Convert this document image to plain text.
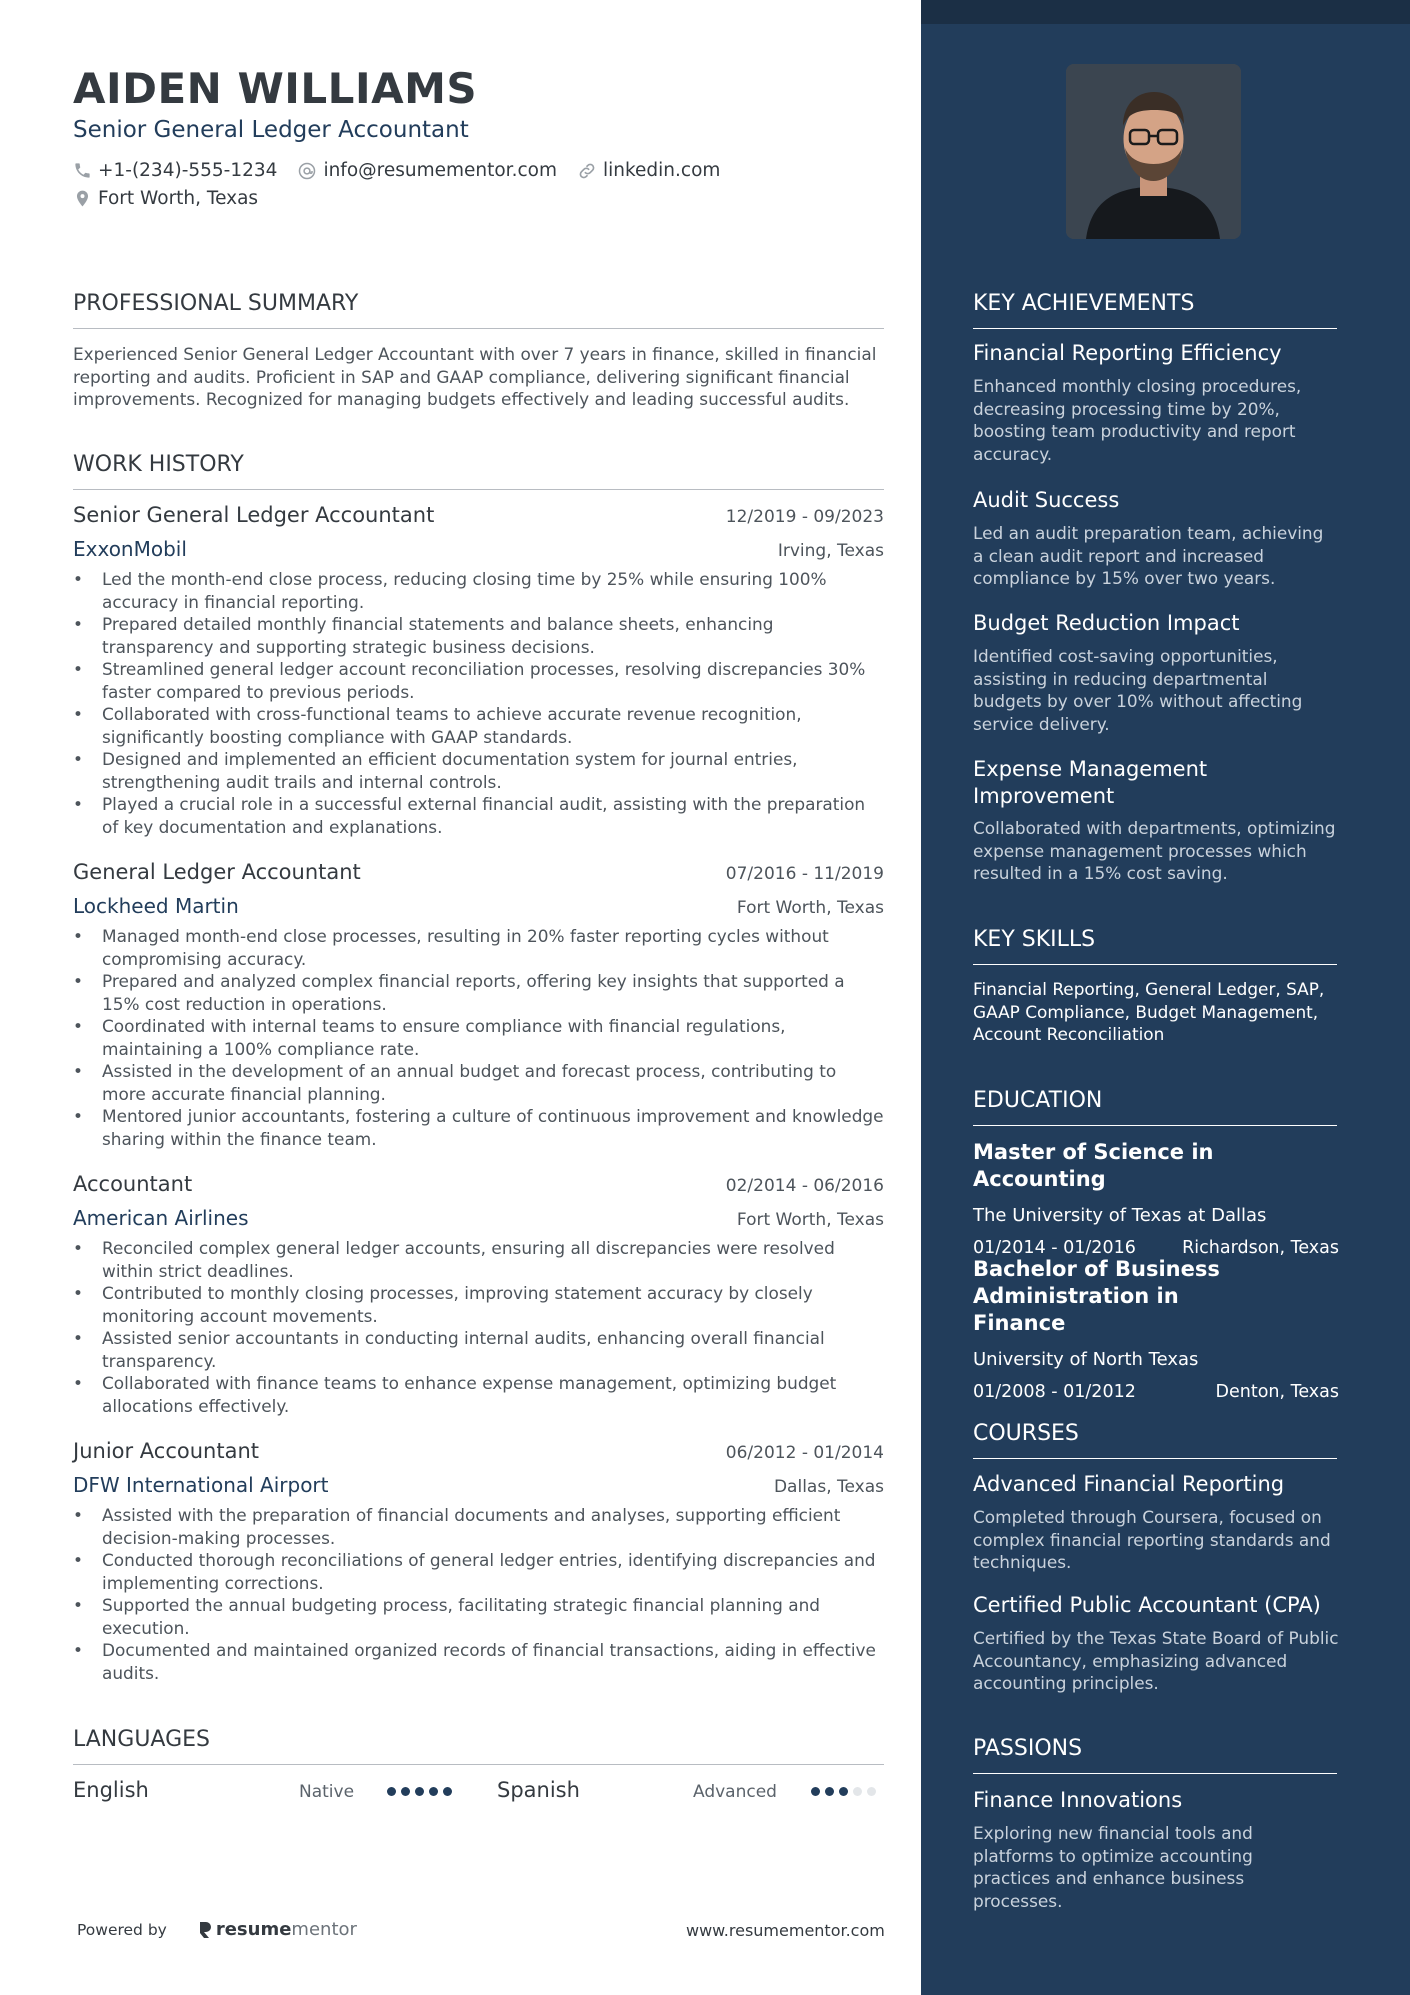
AIDEN WILLIAMS
Senior General Ledger Accountant
+1-(234)-555-1234 info@resumementor.com linkedin.com
Fort Worth, Texas
PROFESSIONAL SUMMARY
Experienced Senior General Ledger Accountant with over 7 years in finance, skilled in financial reporting and audits. Proficient in SAP and GAAP compliance, delivering significant financial improvements. Recognized for managing budgets effectively and leading successful audits.
WORK HISTORY
Senior General Ledger Accountant	12/2019 - 09/2023
ExxonMobil	Irving, Texas
• Led the month-end close process, reducing closing time by 25% while ensuring 100% accuracy in financial reporting.
• Prepared detailed monthly financial statements and balance sheets, enhancing transparency and supporting strategic business decisions.
• Streamlined general ledger account reconciliation processes, resolving discrepancies 30% faster compared to previous periods.
• Collaborated with cross-functional teams to achieve accurate revenue recognition, significantly boosting compliance with GAAP standards.
• Designed and implemented an efficient documentation system for journal entries, strengthening audit trails and internal controls.
• Played a crucial role in a successful external financial audit, assisting with the preparation of key documentation and explanations.
General Ledger Accountant	07/2016 - 11/2019
Lockheed Martin	Fort Worth, Texas
• Managed month-end close processes, resulting in 20% faster reporting cycles without compromising accuracy.
• Prepared and analyzed complex financial reports, offering key insights that supported a 15% cost reduction in operations.
• Coordinated with internal teams to ensure compliance with financial regulations, maintaining a 100% compliance rate.
• Assisted in the development of an annual budget and forecast process, contributing to more accurate financial planning.
• Mentored junior accountants, fostering a culture of continuous improvement and knowledge sharing within the finance team.
Accountant	02/2014 - 06/2016
American Airlines	Fort Worth, Texas
• Reconciled complex general ledger accounts, ensuring all discrepancies were resolved within strict deadlines.
• Contributed to monthly closing processes, improving statement accuracy by closely monitoring account movements.
• Assisted senior accountants in conducting internal audits, enhancing overall financial transparency.
• Collaborated with finance teams to enhance expense management, optimizing budget allocations effectively.
Junior Accountant	06/2012 - 01/2014
DFW International Airport	Dallas, Texas
• Assisted with the preparation of financial documents and analyses, supporting efficient decision-making processes.
• Conducted thorough reconciliations of general ledger entries, identifying discrepancies and implementing corrections.
• Supported the annual budgeting process, facilitating strategic financial planning and execution.
• Documented and maintained organized records of financial transactions, aiding in effective audits.
LANGUAGES
English	Native	Spanish	Advanced
Powered by	resume mentor	www.resumementor.com
KEY ACHIEVEMENTS
Financial Reporting Efficiency
Enhanced monthly closing procedures, decreasing processing time by 20%, boosting team productivity and report accuracy.
Audit Success
Led an audit preparation team, achieving a clean audit report and increased compliance by 15% over two years.
Budget Reduction Impact
Identified cost-saving opportunities, assisting in reducing departmental budgets by over 10% without affecting service delivery.
Expense Management Improvement
Collaborated with departments, optimizing expense management processes which resulted in a 15% cost saving.
KEY SKILLS
Financial Reporting, General Ledger, SAP, GAAP Compliance, Budget Management, Account Reconciliation
EDUCATION
Master of Science in Accounting
The University of Texas at Dallas
01/2014 - 01/2016	Richardson, Texas
Bachelor of Business Administration in Finance
University of North Texas
01/2008 - 01/2012	Denton, Texas
COURSES
Advanced Financial Reporting
Completed through Coursera, focused on complex financial reporting standards and techniques.
Certified Public Accountant (CPA)
Certified by the Texas State Board of Public Accountancy, emphasizing advanced accounting principles.
PASSIONS
Finance Innovations
Exploring new financial tools and platforms to optimize accounting practices and enhance business processes.
